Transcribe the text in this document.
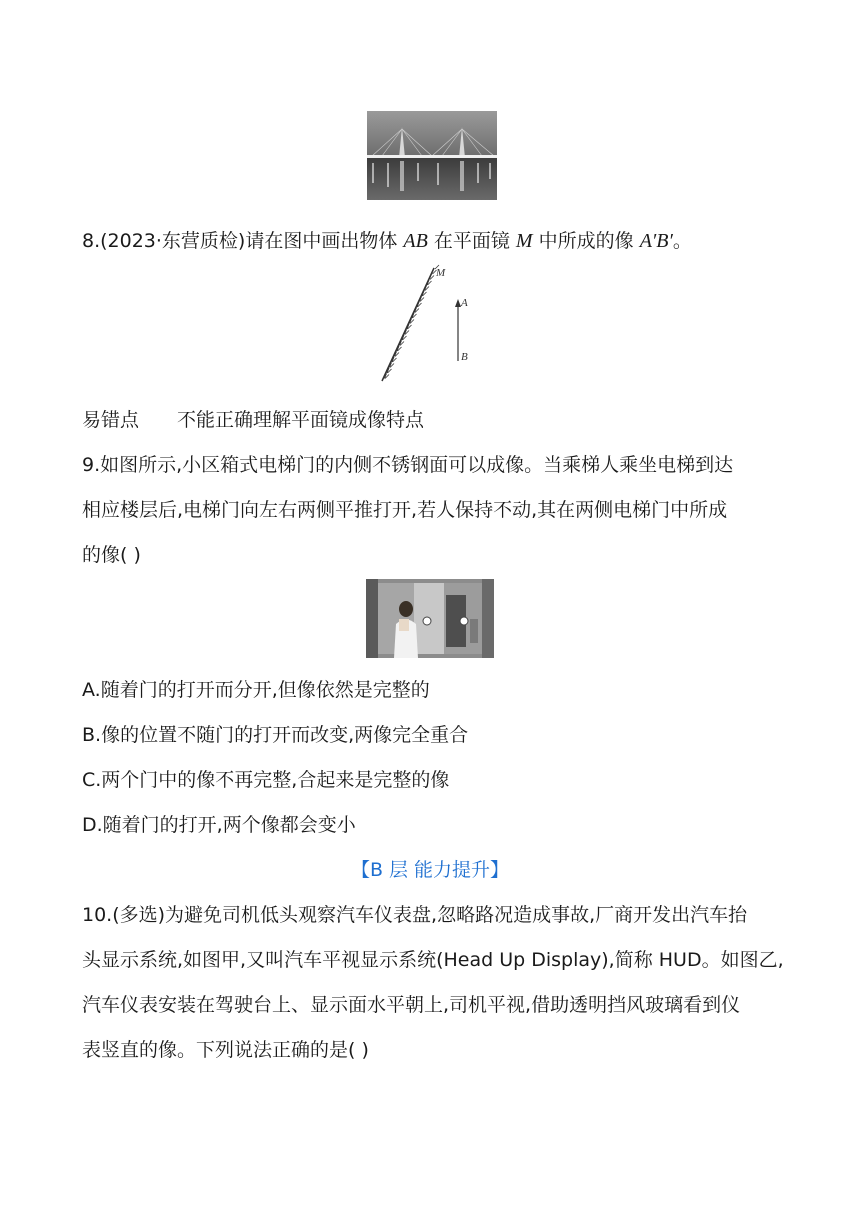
8.(2023·东营质检)请在图中画出物体 AB 在平面镜 M 中所成的像 A′B′。
M
A
B
易错点 不能正确理解平面镜成像特点
9.如图所示,小区箱式电梯门的内侧不锈钢面可以成像。当乘梯人乘坐电梯到达
相应楼层后,电梯门向左右两侧平推打开,若人保持不动,其在两侧电梯门中所成
的像( )
A.随着门的打开而分开,但像依然是完整的
B.像的位置不随门的打开而改变,两像完全重合
C.两个门中的像不再完整,合起来是完整的像
D.随着门的打开,两个像都会变小
【B 层 能力提升】
10.(多选)为避免司机低头观察汽车仪表盘,忽略路况造成事故,厂商开发出汽车抬
头显示系统,如图甲,又叫汽车平视显示系统(Head Up Display),简称 HUD。如图乙,
汽车仪表安装在驾驶台上、显示面水平朝上,司机平视,借助透明挡风玻璃看到仪
表竖直的像。下列说法正确的是( )
